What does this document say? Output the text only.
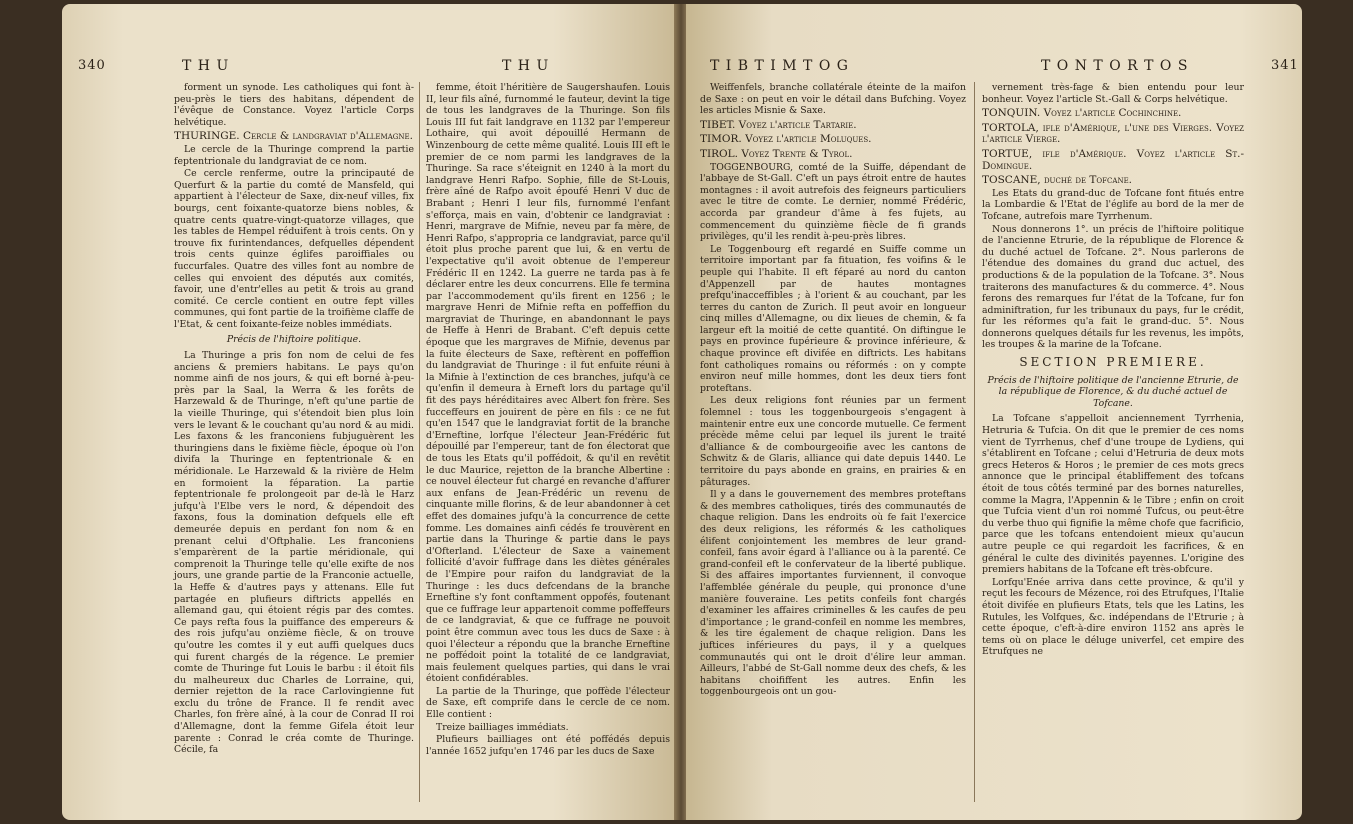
340	T H U	T H U

forment un synode. Les catholiques qui font à-peu-près le tiers des habitans, dépendent de l'évêque de Constance. Voyez l'article Corps helvétique.

THURINGE. Cercle & landgraviat d'Allemagne.

Le cercle de la Thuringe comprend la partie feptentrionale du landgraviat de ce nom.

Ce cercle renferme, outre la principauté de Querfurt & la partie du comté de Mansfeld, qui appartient à l'électeur de Saxe, dix-neuf villes, fix bourgs, cent foixante-quatorze biens nobles, & quatre cents quatre-vingt-quatorze villages, que les tables de Hempel réduifent à trois cents. On y trouve fix furintendances, defquelles dépendent trois cents quinze églifes paroiffiales ou fuccurfales. Quatre des villes font au nombre de celles qui envoient des députés aux comités, favoir, une d'entr'elles au petit & trois au grand comité. Ce cercle contient en outre fept villes communes, qui font partie de la troifième claffe de l'Etat, & cent foixante-feize nobles immédiats.

Précis de l'hiftoire politique.

La Thuringe a pris fon nom de celui de fes anciens & premiers habitans. Le pays qu'on nomme ainfi de nos jours, & qui eft borné à-peu-près par la Saal, la Werra & les forêts de Harzewald & de Thuringe, n'eft qu'une partie de la vieille Thuringe, qui s'étendoit bien plus loin vers le levant & le couchant qu'au nord & au midi. Les faxons & les franconiens fubjuguèrent les thuringiens dans le fixième fiècle, époque où l'on divifa la Thuringe en feptentrionale & en méridionale. Le Harzewald & la rivière de Helm en formoient la féparation. La partie feptentrionale fe prolongeoit par de-là le Harz jufqu'à l'Elbe vers le nord, & dépendoit des faxons, fous la domination defquels elle eft demeurée depuis en perdant fon nom & en prenant celui d'Oftphalie. Les franconiens s'emparèrent de la partie méridionale, qui comprenoit la Thuringe telle qu'elle exifte de nos jours, une grande partie de la Franconie actuelle, la Heffe & d'autres pays y attenans. Elle fut partagée en plufieurs diftricts appellés en allemand gau, qui étoient régis par des comtes. Ce pays refta fous la puiffance des empereurs & des rois jufqu'au onzième fiècle, & on trouve qu'outre les comtes il y eut auffi quelques ducs qui furent chargés de la régence. Le premier comte de Thuringe fut Louis le barbu : il étoit fils du malheureux duc Charles de Lorraine, qui, dernier rejetton de la race Carlovingienne fut exclu du trône de France. Il fe rendit avec Charles, fon frère aîné, à la cour de Conrad II roi d'Allemagne, dont la femme Gifela étoit leur parente : Conrad le créa comte de Thuringe. Cécile, fa

femme, étoit l'héritière de Saugershaufen. Louis II, leur fils aîné, furnommé le fauteur, devint la tige de tous les landgraves de la Thuringe. Son fils Louis III fut fait landgrave en 1132 par l'empereur Lothaire, qui avoit dépouillé Hermann de Winzenbourg de cette même qualité. Louis III eft le premier de ce nom parmi les landgraves de la Thuringe. Sa race s'éteignit en 1240 à la mort du landgrave Henri Rafpo. Sophie, fille de St-Louis, frère aîné de Rafpo avoit époufé Henri V duc de Brabant ; Henri I leur fils, furnommé l'enfant s'efforça, mais en vain, d'obtenir ce landgraviat : Henri, margrave de Mifnie, neveu par fa mère, de Henri Rafpo, s'appropria ce landgraviat, parce qu'il étoit plus proche parent que lui, & en vertu de l'expectative qu'il avoit obtenue de l'empereur Frédéric II en 1242. La guerre ne tarda pas à fe déclarer entre les deux concurrens. Elle fe termina par l'accommodement qu'ils firent en 1256 ; le margrave Henri de Mifnie refta en poffeffion du margraviat de Thuringe, en abandonnant le pays de Heffe à Henri de Brabant. C'eft depuis cette époque que les margraves de Mifnie, devenus par la fuite électeurs de Saxe, reftèrent en poffeffion du landgraviat de Thuringe : il fut enfuite réuni à la Mifnie à l'extinction de ces branches, jufqu'à ce qu'enfin il demeura à Erneft lors du partage qu'il fit des pays héréditaires avec Albert fon frère. Ses fucceffeurs en jouirent de père en fils : ce ne fut qu'en 1547 que le landgraviat fortit de la branche d'Erneftine, lorfque l'électeur Jean-Frédéric fut dépouillé par l'empereur, tant de fon électorat que de tous les Etats qu'il poffédoit, & qu'il en revêtit le duc Maurice, rejetton de la branche Albertine : ce nouvel électeur fut chargé en revanche d'affurer aux enfans de Jean-Frédéric un revenu de cinquante mille florins, & de leur abandonner à cet effet des domaines jufqu'à la concurrence de cette fomme. Les domaines ainfi cédés fe trouvèrent en partie dans la Thuringe & partie dans le pays d'Ofterland. L'électeur de Saxe a vainement follicité d'avoir fuffrage dans les diètes générales de l'Empire pour raifon du landgraviat de la Thuringe : les ducs defcendans de la branche Erneftine s'y font conftamment oppofés, foutenant que ce fuffrage leur appartenoit comme poffeffeurs de ce landgraviat, & que ce fuffrage ne pouvoit point être commun avec tous les ducs de Saxe : à quoi l'électeur a répondu que la branche Erneftine ne poffédoit point la totalité de ce landgraviat, mais feulement quelques parties, qui dans le vrai étoient confidérables.

La partie de la Thuringe, que poffède l'électeur de Saxe, eft comprife dans le cercle de ce nom. Elle contient :

Treize bailliages immédiats.

Plufieurs bailliages ont été poffédés depuis l'année 1652 jufqu'en 1746 par les ducs de Saxe

T I B T I M T O G	T O N T O R T O S	341

Weiffenfels, branche collatérale éteinte de la maifon de Saxe : on peut en voir le détail dans Bufching. Voyez les articles Misnie & Saxe.

TIBET. Voyez l'article Tartarie.

TIMOR. Voyez l'article Moluques.

TIROL. Voyez Trente & Tyrol.

TOGGENBOURG, comté de la Suiffe, dépendant de l'abbaye de St-Gall. C'eft un pays étroit entre de hautes montagnes : il avoit autrefois des feigneurs particuliers avec le titre de comte. Le dernier, nommé Frédéric, accorda par grandeur d'âme à fes fujets, au commencement du quinzième fiècle de fi grands privilèges, qu'il les rendit à-peu-près libres.

Le Toggenbourg eft regardé en Suiffe comme un territoire important par fa fituation, fes voifins & le peuple qui l'habite. Il eft féparé au nord du canton d'Appenzell par de hautes montagnes prefqu'inacceffibles ; à l'orient & au couchant, par les terres du canton de Zurich. Il peut avoir en longueur cinq milles d'Allemagne, ou dix lieues de chemin, & fa largeur eft la moitié de cette quantité. On diftingue le pays en province fupérieure & province inférieure, & chaque province eft divifée en diftricts. Les habitans font catholiques romains ou réformés : on y compte environ neuf mille hommes, dont les deux tiers font proteftans.

Les deux religions font réunies par un ferment folemnel : tous les toggenbourgeois s'engagent à maintenir entre eux une concorde mutuelle. Ce ferment précède même celui par lequel ils jurent le traité d'alliance & de combourgeoifie avec les cantons de Schwitz & de Glaris, alliance qui date depuis 1440. Le territoire du pays abonde en grains, en prairies & en pâturages.

Il y a dans le gouvernement des membres proteftans & des membres catholiques, tirés des communautés de chaque religion. Dans les endroits où fe fait l'exercice des deux religions, les réformés & les catholiques élifent conjointement les membres de leur grand-confeil, fans avoir égard à l'alliance ou à la parenté. Ce grand-confeil eft le confervateur de la liberté publique. Si des affaires importantes furviennent, il convoque l'affemblée générale du peuple, qui prononce d'une manière fouveraine. Les petits confeils font chargés d'examiner les affaires criminelles & les caufes de peu d'importance ; le grand-confeil en nomme les membres, & les tire également de chaque religion. Dans les juftices inférieures du pays, il y a quelques communautés qui ont le droit d'élire leur amman. Ailleurs, l'abbé de St-Gall nomme deux des chefs, & les habitans choififfent les autres. Enfin les toggenbourgeois ont un gou-

vernement très-fage & bien entendu pour leur bonheur. Voyez l'article St.-Gall & Corps helvétique.

TONQUIN. Voyez l'article Cochinchine.

TORTOLA, ifle d'Amérique, l'une des Vierges. Voyez l'article Vierge.

TORTUE, ifle d'Amérique. Voyez l'article St.-Domingue.

TOSCANE, duché de Tofcane.

Les Etats du grand-duc de Tofcane font fitués entre la Lombardie & l'Etat de l'églife au bord de la mer de Tofcane, autrefois mare Tyrrhenum.

Nous donnerons 1°. un précis de l'hiftoire politique de l'ancienne Etrurie, de la république de Florence & du duché actuel de Tofcane. 2°. Nous parlerons de l'étendue des domaines du grand duc actuel, des productions & de la population de la Tofcane. 3°. Nous traiterons des manufactures & du commerce. 4°. Nous ferons des remarques fur l'état de la Tofcane, fur fon adminiftration, fur les tribunaux du pays, fur le crédit, fur les réformes qu'a fait le grand-duc. 5°. Nous donnerons quelques détails fur les revenus, les impôts, les troupes & la marine de la Tofcane.

SECTION PREMIERE.

Précis de l'hiftoire politique de l'ancienne Etrurie, de la république de Florence, & du duché actuel de Tofcane.

La Tofcane s'appelloit anciennement Tyrrhenia, Hetruria & Tufcia. On dit que le premier de ces noms vient de Tyrrhenus, chef d'une troupe de Lydiens, qui s'établirent en Tofcane ; celui d'Hetruria de deux mots grecs Heteros & Horos ; le premier de ces mots grecs annonce que le principal établiffement des tofcans étoit de tous côtés terminé par des bornes naturelles, comme la Magra, l'Appennin & le Tibre ; enfin on croit que Tufcia vient d'un roi nommé Tufcus, ou peut-être du verbe thuo qui fignifie la même chofe que facrificio, parce que les tofcans entendoient mieux qu'aucun autre peuple ce qui regardoit les facrifices, & en général le culte des divinités payennes. L'origine des premiers habitans de la Tofcane eft très-obfcure.

Lorfqu'Enée arriva dans cette province, & qu'il y reçut les fecours de Mézence, roi des Etrufques, l'Italie étoit divifée en plufieurs Etats, tels que les Latins, les Rutules, les Volfques, &c. indépendans de l'Etrurie ; à cette époque, c'eft-à-dire environ 1152 ans après le tems où on place le déluge univerfel, cet empire des Etrufques ne
